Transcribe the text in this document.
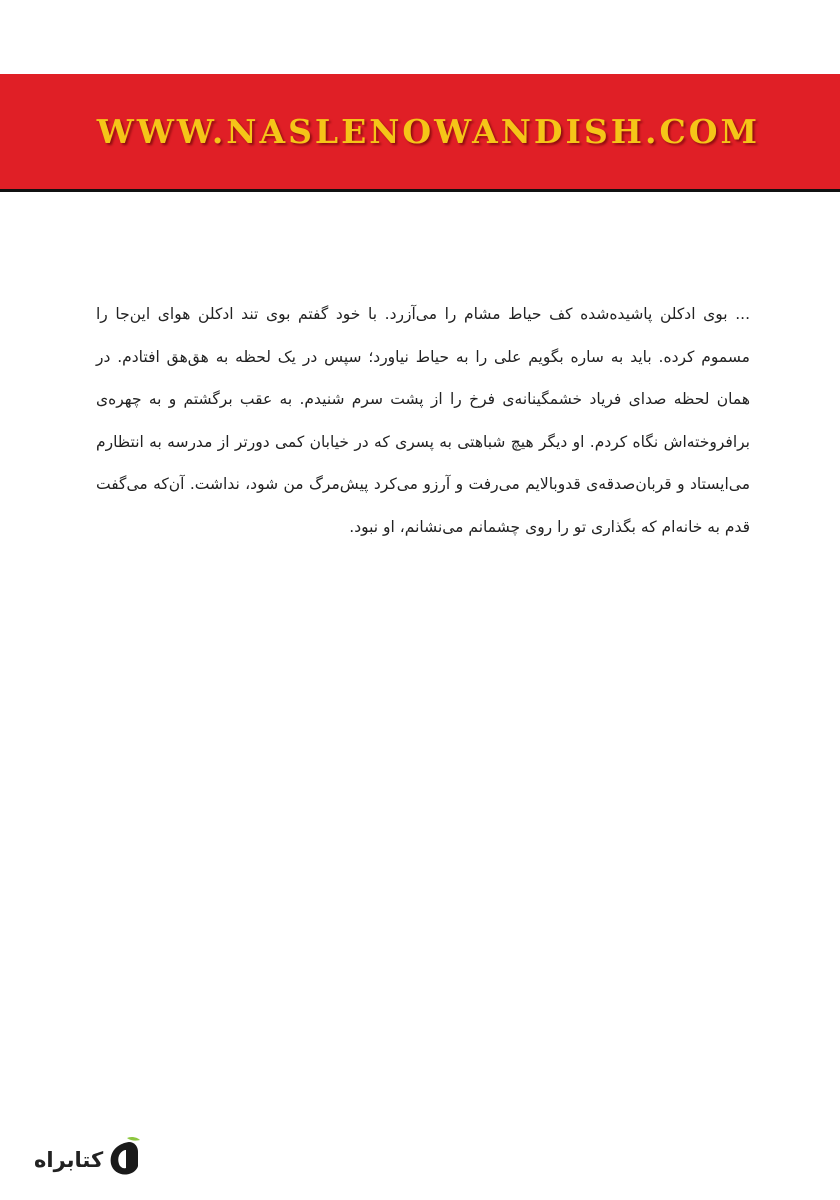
WWW.NASLENOWANDISH.COM

... بوی ادکلن پاشیده‌شده کف حیاط مشام را می‌آزرد. با خود گفتم بوی تند ادکلن هوای این‌جا را مسموم کرده. باید به ساره بگویم علی را به حیاط نیاورد؛ سپس در یک لحظه به هق‌هق افتادم. در همان لحظه صدای فریاد خشمگینانه‌ی فرخ را از پشت سرم شنیدم. به عقب برگشتم و به چهره‌ی برافروخته‌اش نگاه کردم. او دیگر هیچ شباهتی به پسری که در خیابان کمی دورتر از مدرسه به انتظارم می‌ایستاد و قربان‌صدقه‌ی قدوبالایم می‌رفت و آرزو می‌کرد پیش‌مرگ من شود، نداشت. آن‌که می‌گفت قدم به خانه‌ام که بگذاری تو را روی چشمانم می‌نشانم، او نبود.

کتابراه
